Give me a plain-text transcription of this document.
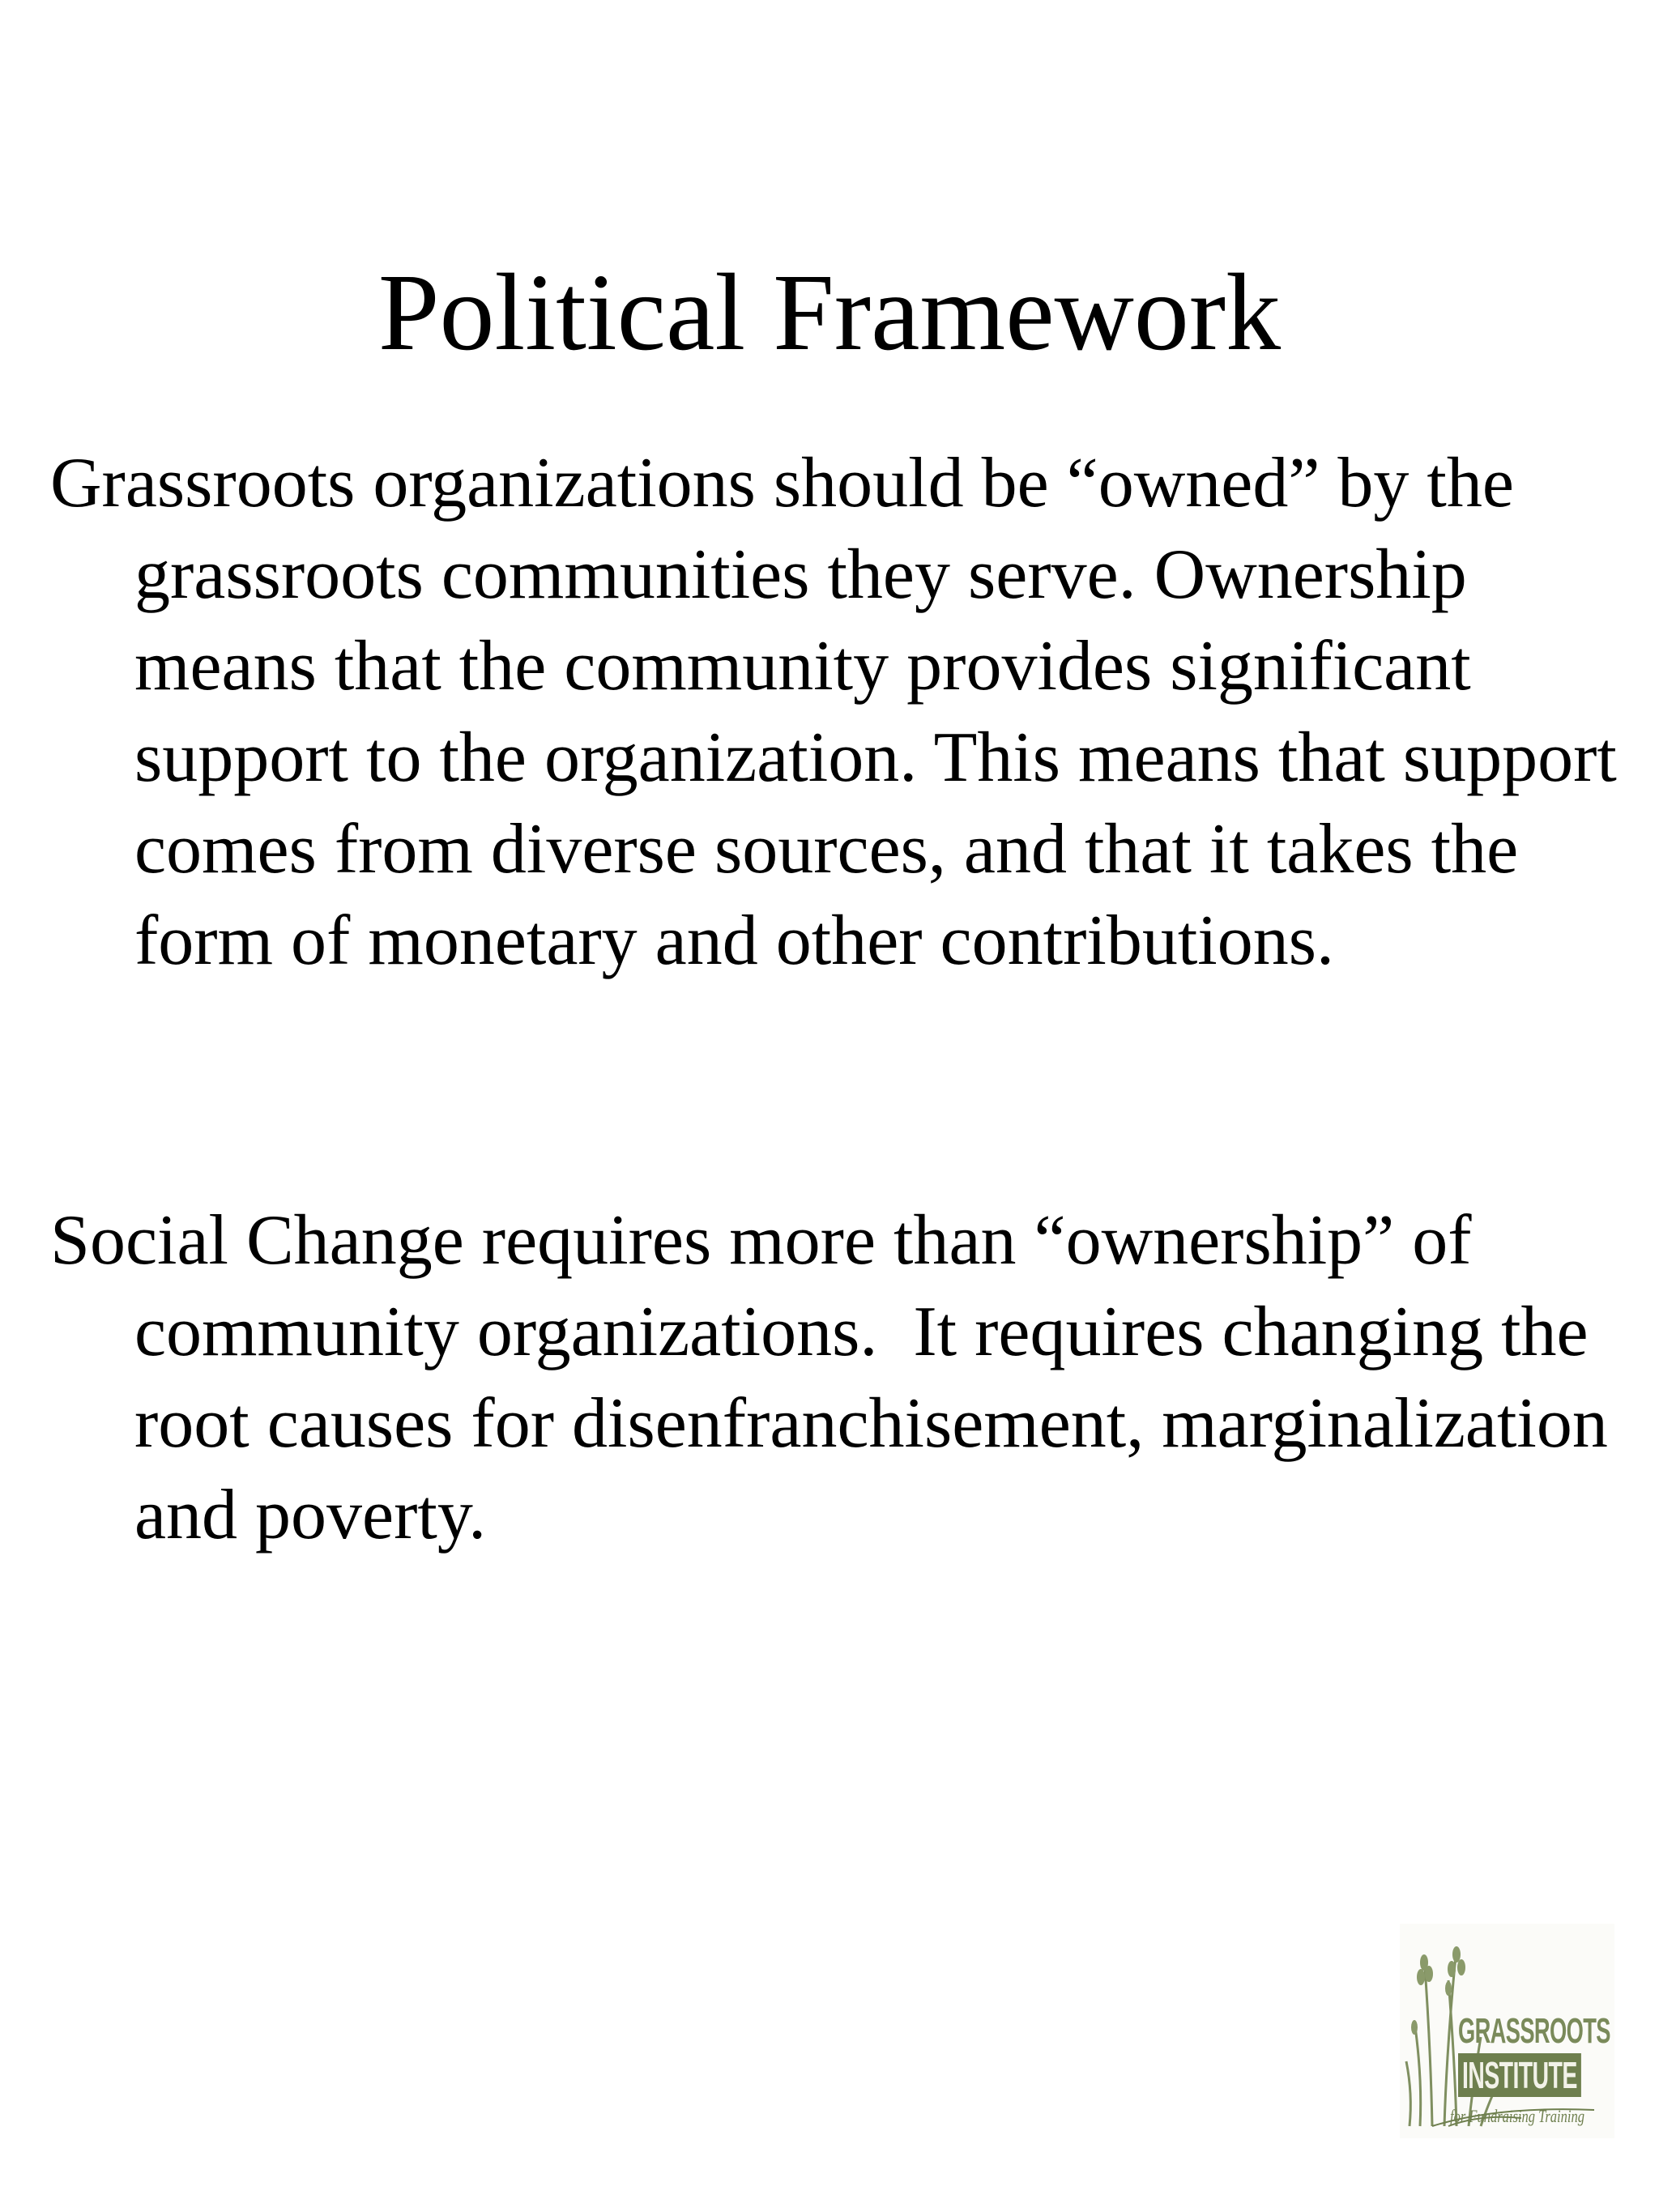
Political Framework

Grassroots organizations should be “owned” by the grassroots communities they serve. Ownership means that the community provides significant support to the organization. This means that support comes from diverse sources, and that it takes the form of monetary and other contributions.

Social Change requires more than “ownership” of community organizations.  It requires changing the root causes for disenfranchisement, marginalization and poverty.

GRASSROOTS
INSTITUTE
for Fundraising Training
